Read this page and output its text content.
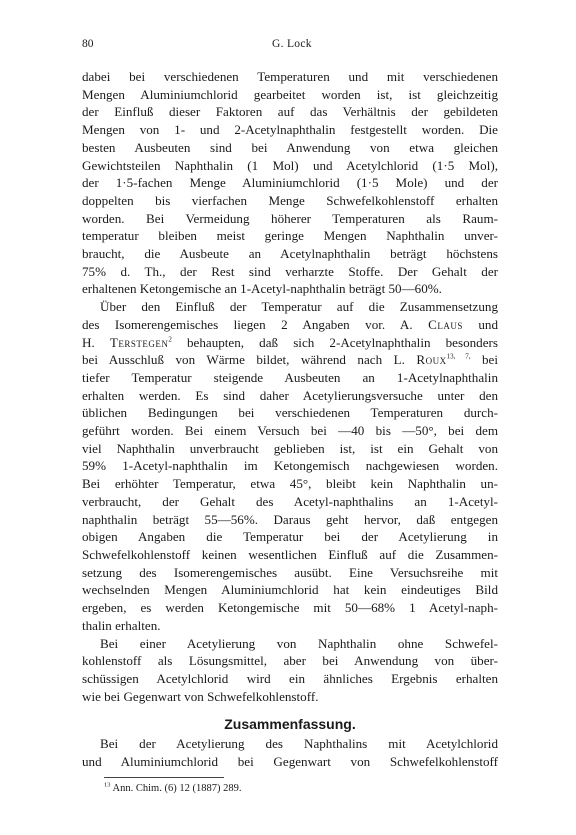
80	G. Lock
dabei bei verschiedenen Temperaturen und mit verschiedenen
Mengen Aluminiumchlorid gearbeitet worden ist, ist gleichzeitig
der Einfluß dieser Faktoren auf das Verhältnis der gebildeten
Mengen von 1- und 2-Acetylnaphthalin festgestellt worden. Die
besten Ausbeuten sind bei Anwendung von etwa gleichen
Gewichtsteilen Naphthalin (1 Mol) und Acetylchlorid (1·5 Mol),
der 1·5-fachen Menge Aluminiumchlorid (1·5 Mole) und der
doppelten bis vierfachen Menge Schwefelkohlenstoff erhalten
worden. Bei Vermeidung höherer Temperaturen als Raum-
temperatur bleiben meist geringe Mengen Naphthalin unver-
braucht, die Ausbeute an Acetylnaphthalin beträgt höchstens
75% d. Th., der Rest sind verharzte Stoffe. Der Gehalt der
erhaltenen Ketongemische an 1-Acetyl-naphthalin beträgt 50—60%.
Über den Einfluß der Temperatur auf die Zusammensetzung
des Isomerengemisches liegen 2 Angaben vor. A. Claus und
H. Terstegen$^2$ behaupten, daß sich 2-Acetylnaphthalin besonders
bei Ausschluß von Wärme bildet, während nach L. Roux$^{13, 7,}$ bei
tiefer Temperatur steigende Ausbeuten an 1-Acetylnaphthalin
erhalten werden. Es sind daher Acetylierungsversuche unter den
üblichen Bedingungen bei verschiedenen Temperaturen durch-
geführt worden. Bei einem Versuch bei —40 bis —50°, bei dem
viel Naphthalin unverbraucht geblieben ist, ist ein Gehalt von
59% 1-Acetyl-naphthalin im Ketongemisch nachgewiesen worden.
Bei erhöhter Temperatur, etwa 45°, bleibt kein Naphthalin un-
verbraucht, der Gehalt des Acetyl-naphthalins an 1-Acetyl-
naphthalin beträgt 55—56%. Daraus geht hervor, daß entgegen
obigen Angaben die Temperatur bei der Acetylierung in
Schwefelkohlenstoff keinen wesentlichen Einfluß auf die Zusammen-
setzung des Isomerengemisches ausübt. Eine Versuchsreihe mit
wechselnden Mengen Aluminiumchlorid hat kein eindeutiges Bild
ergeben, es werden Ketongemische mit 50—68% 1 Acetyl-naph-
thalin erhalten.
Bei einer Acetylierung von Naphthalin ohne Schwefel-
kohlenstoff als Lösungsmittel, aber bei Anwendung von über-
schüssigen Acetylchlorid wird ein ähnliches Ergebnis erhalten
wie bei Gegenwart von Schwefelkohlenstoff.
Zusammenfassung.
Bei der Acetylierung des Naphthalins mit Acetylchlorid
und Aluminiumchlorid bei Gegenwart von Schwefelkohlenstoff
$^{13}$ Ann. Chim. (6) 12 (1887) 289.
